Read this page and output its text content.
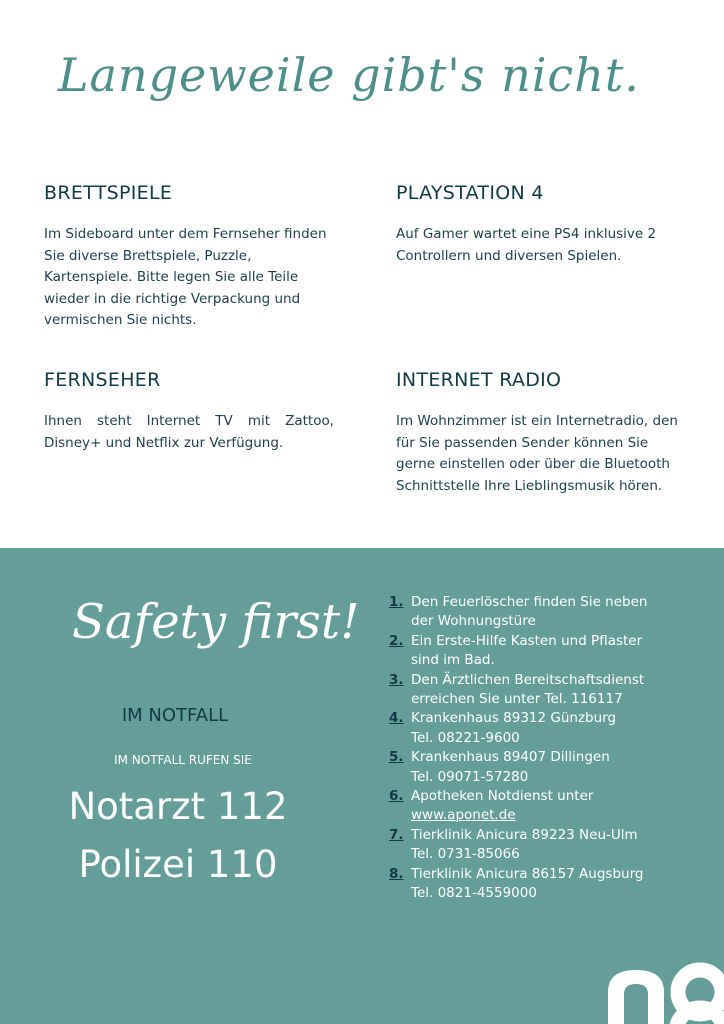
Langeweile gibt's nicht.
BRETTSPIELE

Im Sideboard unter dem Fernseher finden Sie diverse Brettspiele, Puzzle, Kartenspiele. Bitte legen Sie alle Teile wieder in die richtige Verpackung und vermischen Sie nichts.

PLAYSTATION 4

Auf Gamer wartet eine PS4 inklusive 2 Controllern und diversen Spielen.

FERNSEHER

Ihnen steht Internet TV mit Zattoo, Disney+ und Netflix zur Verfügung.

INTERNET RADIO

Im Wohnzimmer ist ein Internetradio, den für Sie passenden Sender können Sie gerne einstellen oder über die Bluetooth Schnittstelle Ihre Lieblingsmusik hören.

Safety first!
IM NOTFALL
IM NOTFALL RUFEN SIE
Notarzt 112
Polizei 110
1. Den Feuerlöscher finden Sie neben
der Wohnungstüre
2. Ein Erste-Hilfe Kasten und Pflaster
sind im Bad.
3. Den Ärztlichen Bereitschaftsdienst
erreichen Sie unter Tel. 116117
4. Krankenhaus 89312 Günzburg
Tel. 08221-9600
5. Krankenhaus 89407 Dillingen
Tel. 09071-57280
6. Apotheken Notdienst unter
www.aponet.de
7. Tierklinik Anicura 89223 Neu-Ulm
Tel. 0731-85066
8. Tierklinik Anicura 86157 Augsburg
Tel. 0821-4559000
